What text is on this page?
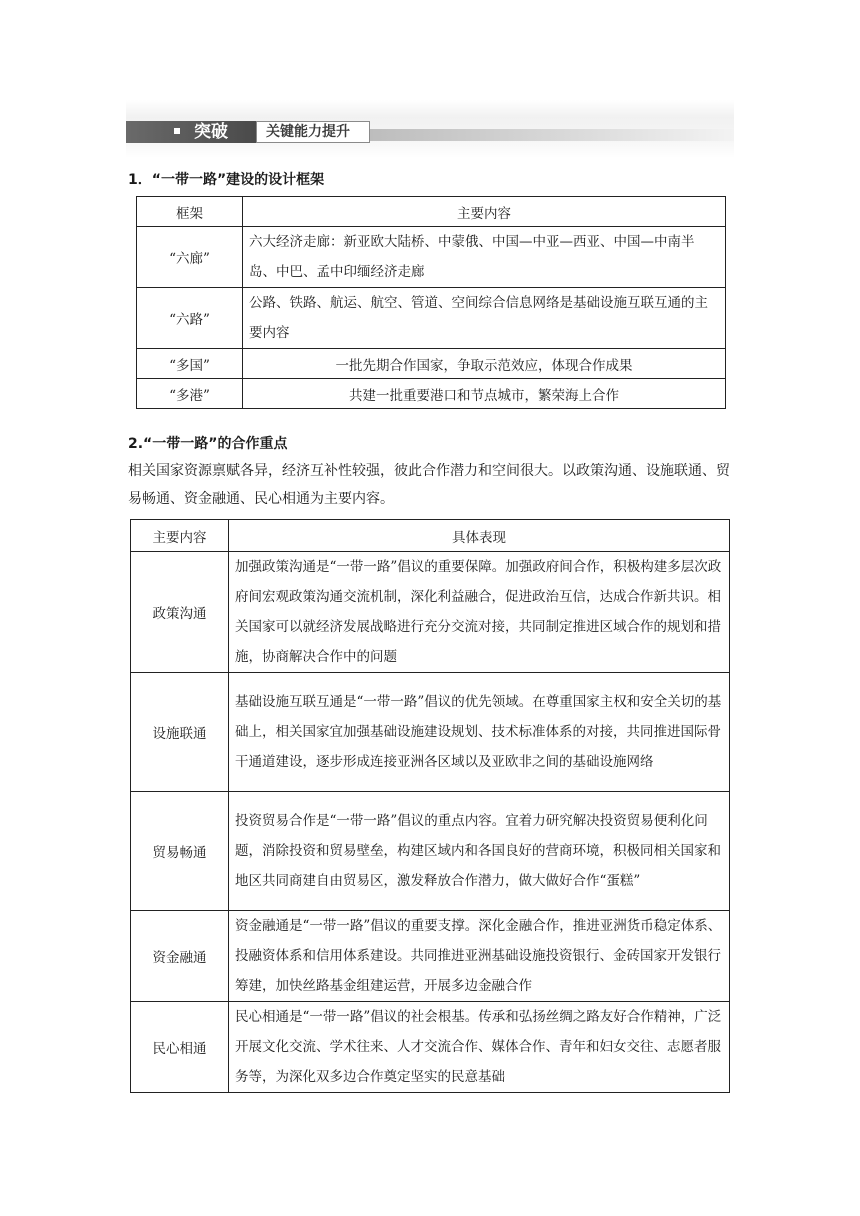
突破	关键能力提升
1．“一带一路”建设的设计框架
框架	主要内容
“六廊”	六大经济走廊：新亚欧大陆桥、中蒙俄、中国—中亚—西亚、中国—中南半岛、中巴、孟中印缅经济走廊
“六路”	公路、铁路、航运、航空、管道、空间综合信息网络是基础设施互联互通的主要内容
“多国”	一批先期合作国家，争取示范效应，体现合作成果
“多港”	共建一批重要港口和节点城市，繁荣海上合作
2.“一带一路”的合作重点
相关国家资源禀赋各异，经济互补性较强，彼此合作潜力和空间很大。以政策沟通、设施联通、贸易畅通、资金融通、民心相通为主要内容。
主要内容	具体表现
政策沟通	加强政策沟通是“一带一路”倡议的重要保障。加强政府间合作，积极构建多层次政府间宏观政策沟通交流机制，深化利益融合，促进政治互信，达成合作新共识。相关国家可以就经济发展战略进行充分交流对接，共同制定推进区域合作的规划和措施，协商解决合作中的问题
设施联通	基础设施互联互通是“一带一路”倡议的优先领域。在尊重国家主权和安全关切的基础上，相关国家宜加强基础设施建设规划、技术标准体系的对接，共同推进国际骨干通道建设，逐步形成连接亚洲各区域以及亚欧非之间的基础设施网络
贸易畅通	投资贸易合作是“一带一路”倡议的重点内容。宜着力研究解决投资贸易便利化问题，消除投资和贸易壁垒，构建区域内和各国良好的营商环境，积极同相关国家和地区共同商建自由贸易区，激发释放合作潜力，做大做好合作“蛋糕”
资金融通	资金融通是“一带一路”倡议的重要支撑。深化金融合作，推进亚洲货币稳定体系、投融资体系和信用体系建设。共同推进亚洲基础设施投资银行、金砖国家开发银行筹建，加快丝路基金组建运营，开展多边金融合作
民心相通	民心相通是“一带一路”倡议的社会根基。传承和弘扬丝绸之路友好合作精神，广泛开展文化交流、学术往来、人才交流合作、媒体合作、青年和妇女交往、志愿者服务等，为深化双多边合作奠定坚实的民意基础
